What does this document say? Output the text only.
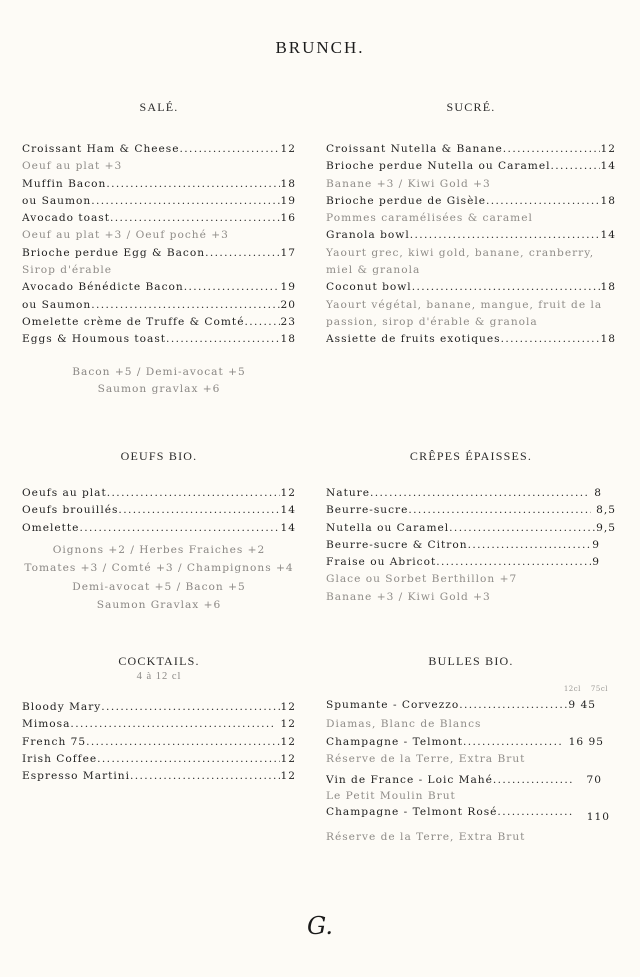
BRUNCH.
SALÉ.
Croissant Ham & Cheese .....	12
Oeuf au plat +3
Muffin Bacon .....	18
ou Saumon .....	19
Avocado toast .....	16
Oeuf au plat +3 / Oeuf poché +3
Brioche perdue Egg & Bacon .....	17
Sirop d'érable
Avocado Bénédicte Bacon .....	19
ou Saumon .....	20
Omelette crème de Truffe & Comté .....	23
Eggs & Houmous toast .....	18
Bacon +5 / Demi-avocat +5
Saumon gravlax +6
SUCRÉ.
Croissant Nutella & Banane .....	12
Brioche perdue Nutella ou Caramel .....	14
Banane +3 / Kiwi Gold +3
Brioche perdue de Gisèle .....	18
Pommes caramélisées & caramel
Granola bowl .....	14
Yaourt grec, kiwi gold, banane, cranberry,
miel & granola
Coconut bowl .....	18
Yaourt végétal, banane, mangue, fruit de la
passion, sirop d'érable & granola
Assiette de fruits exotiques .....	18
OEUFS BIO.
Oeufs au plat .....	12
Oeufs brouillés .....	14
Omelette .....	14
Oignons +2 / Herbes Fraiches +2
Tomates +3 / Comté +3 / Champignons +4
Demi-avocat +5 / Bacon +5
Saumon Gravlax +6
CRÊPES ÉPAISSES.
Nature .....	8
Beurre-sucre .....	8,5
Nutella ou Caramel .....	9,5
Beurre-sucre & Citron .....	9
Fraise ou Abricot .....	9
Glace ou Sorbet Berthillon +7
Banane +3 / Kiwi Gold +3
COCKTAILS.
4 à 12 cl
Bloody Mary .....	12
Mimosa .....	12
French 75 .....	12
Irish Coffee .....	12
Espresso Martini .....	12
BULLES BIO.
12cl 75cl
Spumante - Corvezzo .....	9 45
Diamas, Blanc de Blancs
Champagne - Telmont .....	16 95
Réserve de la Terre, Extra Brut
Vin de France - Loic Mahé .....	70
Le Petit Moulin Brut
Champagne - Telmont Rosé .....	110
Réserve de la Terre, Extra Brut
G.
